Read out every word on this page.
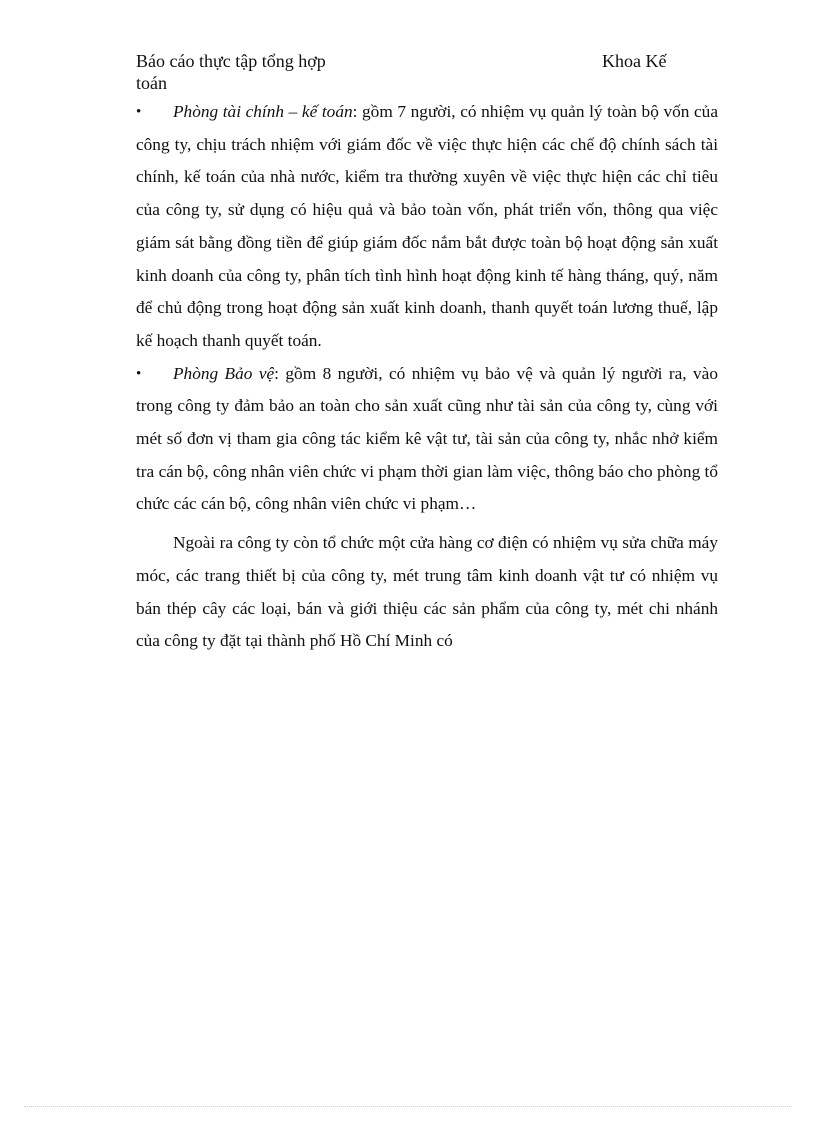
Báo cáo thực tập tổng hợp	Khoa Kế
toán

• Phòng tài chính – kế toán: gồm 7 người, có nhiệm vụ quản lý toàn bộ vốn của công ty, chịu trách nhiệm với giám đốc về việc thực hiện các chế độ chính sách tài chính, kế toán của nhà nước, kiểm tra thường xuyên về việc thực hiện các chỉ tiêu của công ty, sử dụng có hiệu quả và bảo toàn vốn, phát triển vốn, thông qua việc giám sát bằng đồng tiền để giúp giám đốc nắm bắt được toàn bộ hoạt động sản xuất kinh doanh của công ty, phân tích tình hình hoạt động kinh tế hàng tháng, quý, năm để chủ động trong hoạt động sản xuất kinh doanh, thanh quyết toán lương thuế, lập kế hoạch thanh quyết toán.

• Phòng Bảo vệ: gồm 8 người, có nhiệm vụ bảo vệ và quản lý người ra, vào trong công ty đảm bảo an toàn cho sản xuất cũng như tài sản của công ty, cùng với mét số đơn vị tham gia công tác kiểm kê vật tư, tài sản của công ty, nhắc nhở kiểm tra cán bộ, công nhân viên chức vi phạm thời gian làm việc, thông báo cho phòng tổ chức các cán bộ, công nhân viên chức vi phạm…

Ngoài ra công ty còn tổ chức một cửa hàng cơ điện có nhiệm vụ sửa chữa máy móc, các trang thiết bị của công ty, mét trung tâm kinh doanh vật tư có nhiệm vụ bán thép cây các loại, bán và giới thiệu các sản phẩm của công ty, mét chi nhánh của công ty đặt tại thành phố Hồ Chí Minh có
